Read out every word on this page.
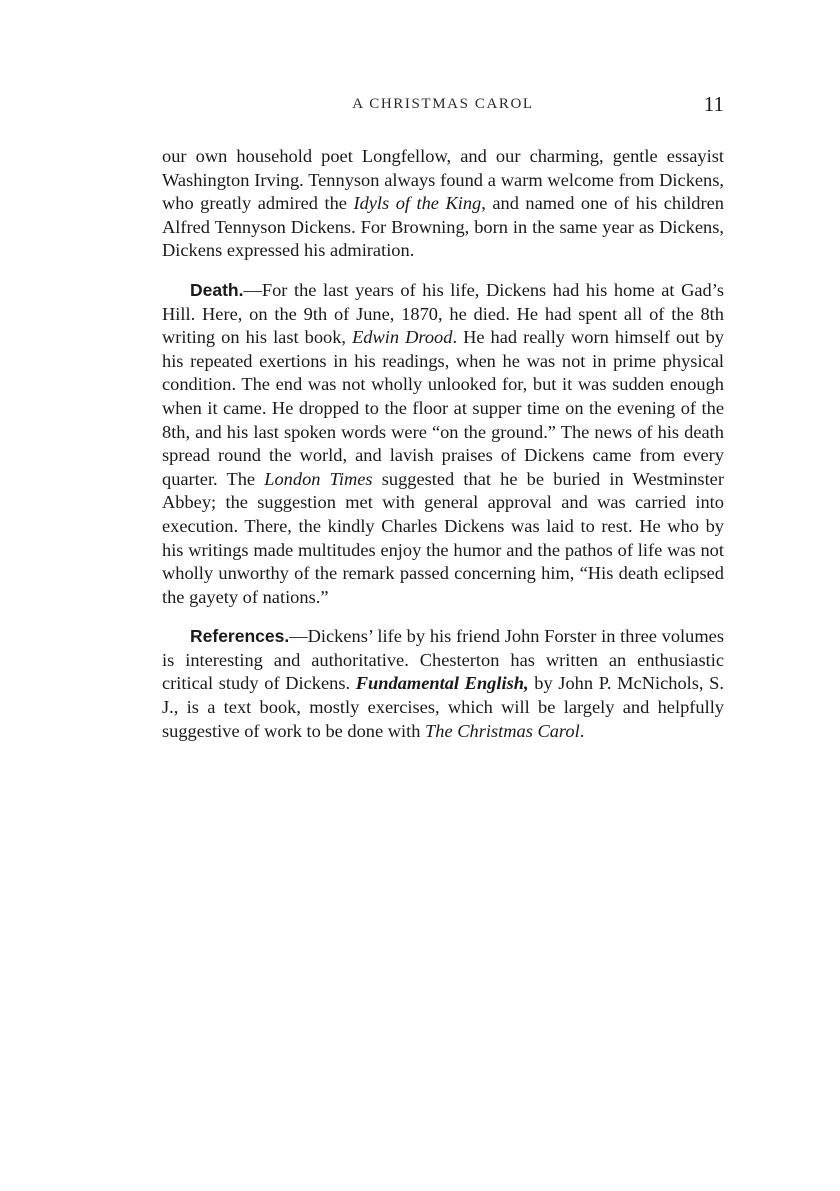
A CHRISTMAS CAROL	11

our own household poet Longfellow, and our charming, gentle essayist Washington Irving. Tennyson always found a warm welcome from Dickens, who greatly admired the Idyls of the King, and named one of his children Alfred Tennyson Dickens. For Browning, born in the same year as Dickens, Dickens expressed his admiration.

Death.—For the last years of his life, Dickens had his home at Gad’s Hill. Here, on the 9th of June, 1870, he died. He had spent all of the 8th writing on his last book, Edwin Drood. He had really worn himself out by his repeated exertions in his readings, when he was not in prime physical condition. The end was not wholly unlooked for, but it was sudden enough when it came. He dropped to the floor at supper time on the evening of the 8th, and his last spoken words were “on the ground.” The news of his death spread round the world, and lavish praises of Dickens came from every quarter. The London Times suggested that he be buried in Westminster Abbey; the suggestion met with general approval and was carried into execution. There, the kindly Charles Dickens was laid to rest. He who by his writings made multitudes enjoy the humor and the pathos of life was not wholly unworthy of the remark passed concerning him, “His death eclipsed the gayety of nations.”

References.—Dickens’ life by his friend John Forster in three volumes is interesting and authoritative. Chesterton has written an enthusiastic critical study of Dickens. Fundamental English, by John P. McNichols, S. J., is a text book, mostly exercises, which will be largely and helpfully suggestive of work to be done with The Christmas Carol.
